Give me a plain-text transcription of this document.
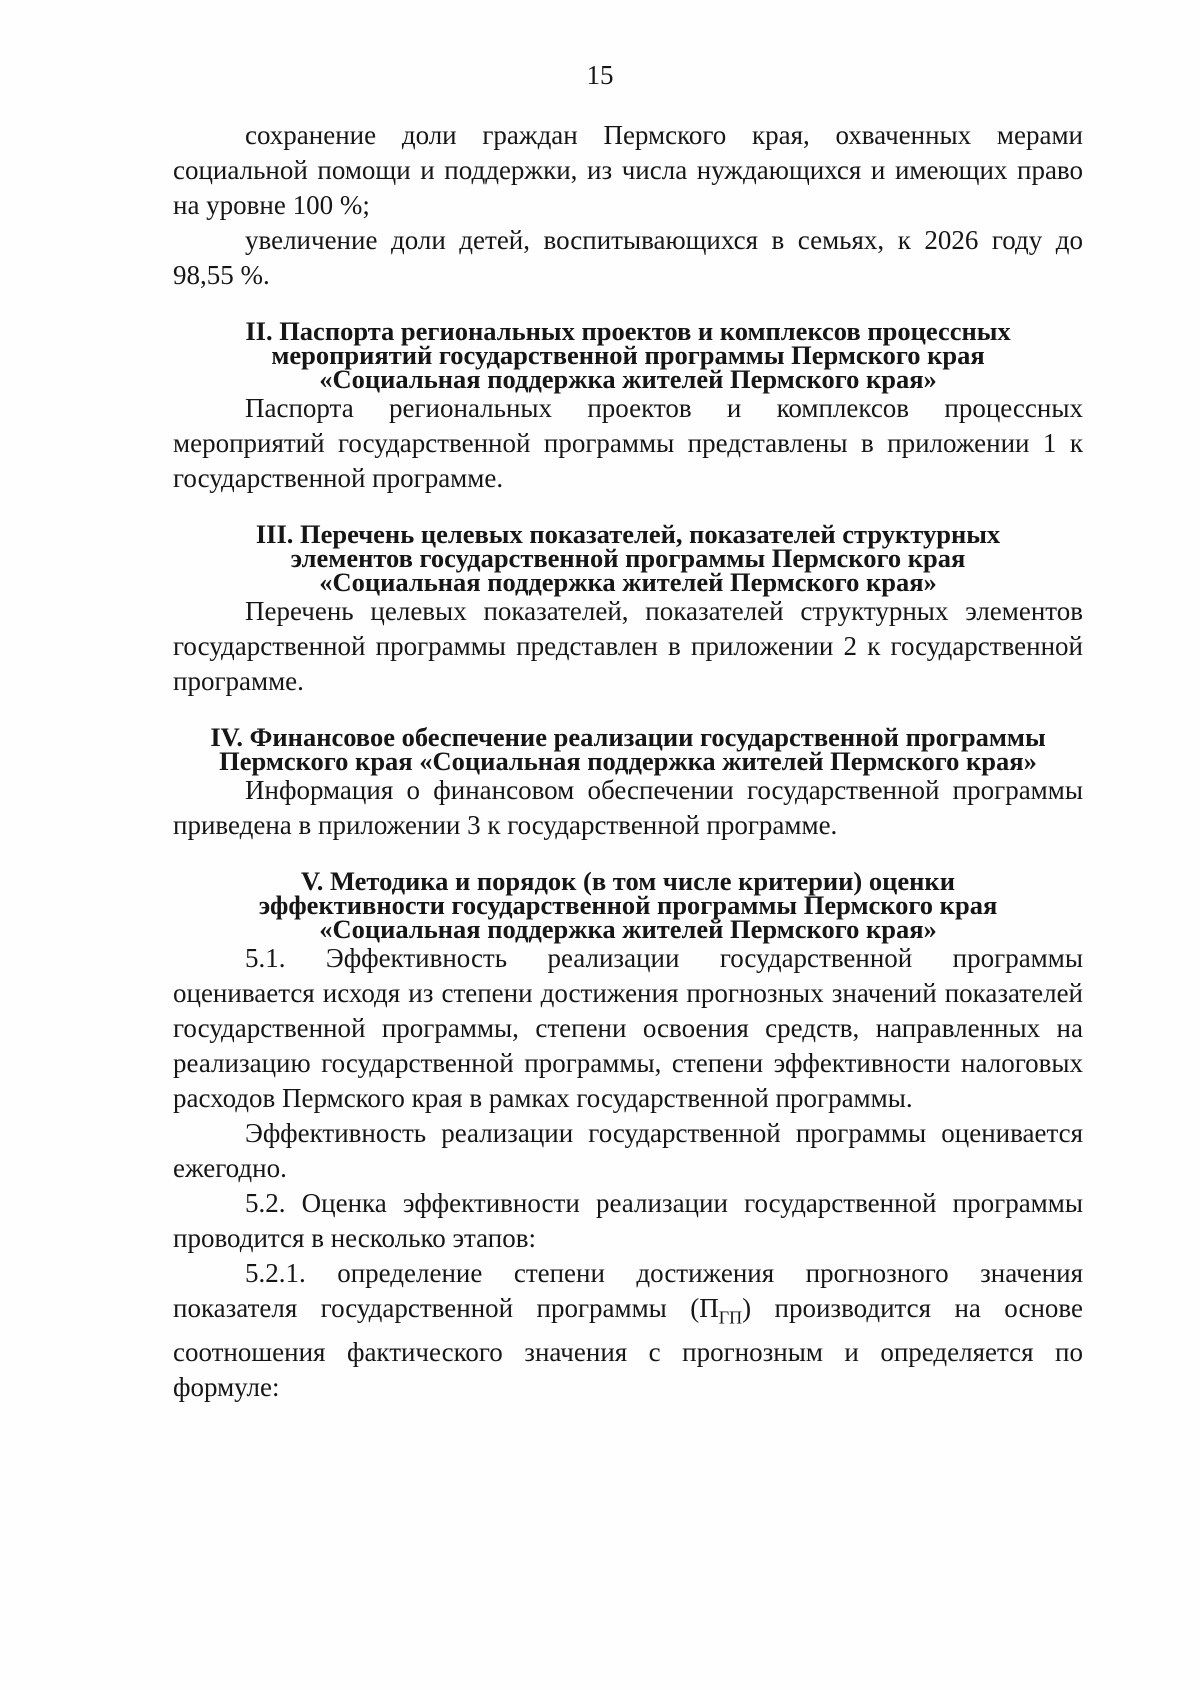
15

сохранение доли граждан Пермского края, охваченных мерами социальной помощи и поддержки, из числа нуждающихся и имеющих право на уровне 100 %;

увеличение доли детей, воспитывающихся в семьях, к 2026 году до 98,55 %.

II. Паспорта региональных проектов и комплексов процессных
мероприятий государственной программы Пермского края
«Социальная поддержка жителей Пермского края»

Паспорта региональных проектов и комплексов процессных мероприятий государственной программы представлены в приложении 1 к государственной программе.

III. Перечень целевых показателей, показателей структурных
элементов государственной программы Пермского края
«Социальная поддержка жителей Пермского края»

Перечень целевых показателей, показателей структурных элементов государственной программы представлен в приложении 2 к государственной программе.

IV. Финансовое обеспечение реализации государственной программы
Пермского края «Социальная поддержка жителей Пермского края»

Информация о финансовом обеспечении государственной программы приведена в приложении 3 к государственной программе.

V. Методика и порядок (в том числе критерии) оценки
эффективности государственной программы Пермского края
«Социальная поддержка жителей Пермского края»

5.1. Эффективность реализации государственной программы оценивается исходя из степени достижения прогнозных значений показателей государственной программы, степени освоения средств, направленных на реализацию государственной программы, степени эффективности налоговых расходов Пермского края в рамках государственной программы.

Эффективность реализации государственной программы оценивается ежегодно.

5.2. Оценка эффективности реализации государственной программы проводится в несколько этапов:

5.2.1. определение степени достижения прогнозного значения показателя государственной программы $(П_{ГП})$ производится на основе соотношения фактического значения с прогнозным и определяется по формуле:
